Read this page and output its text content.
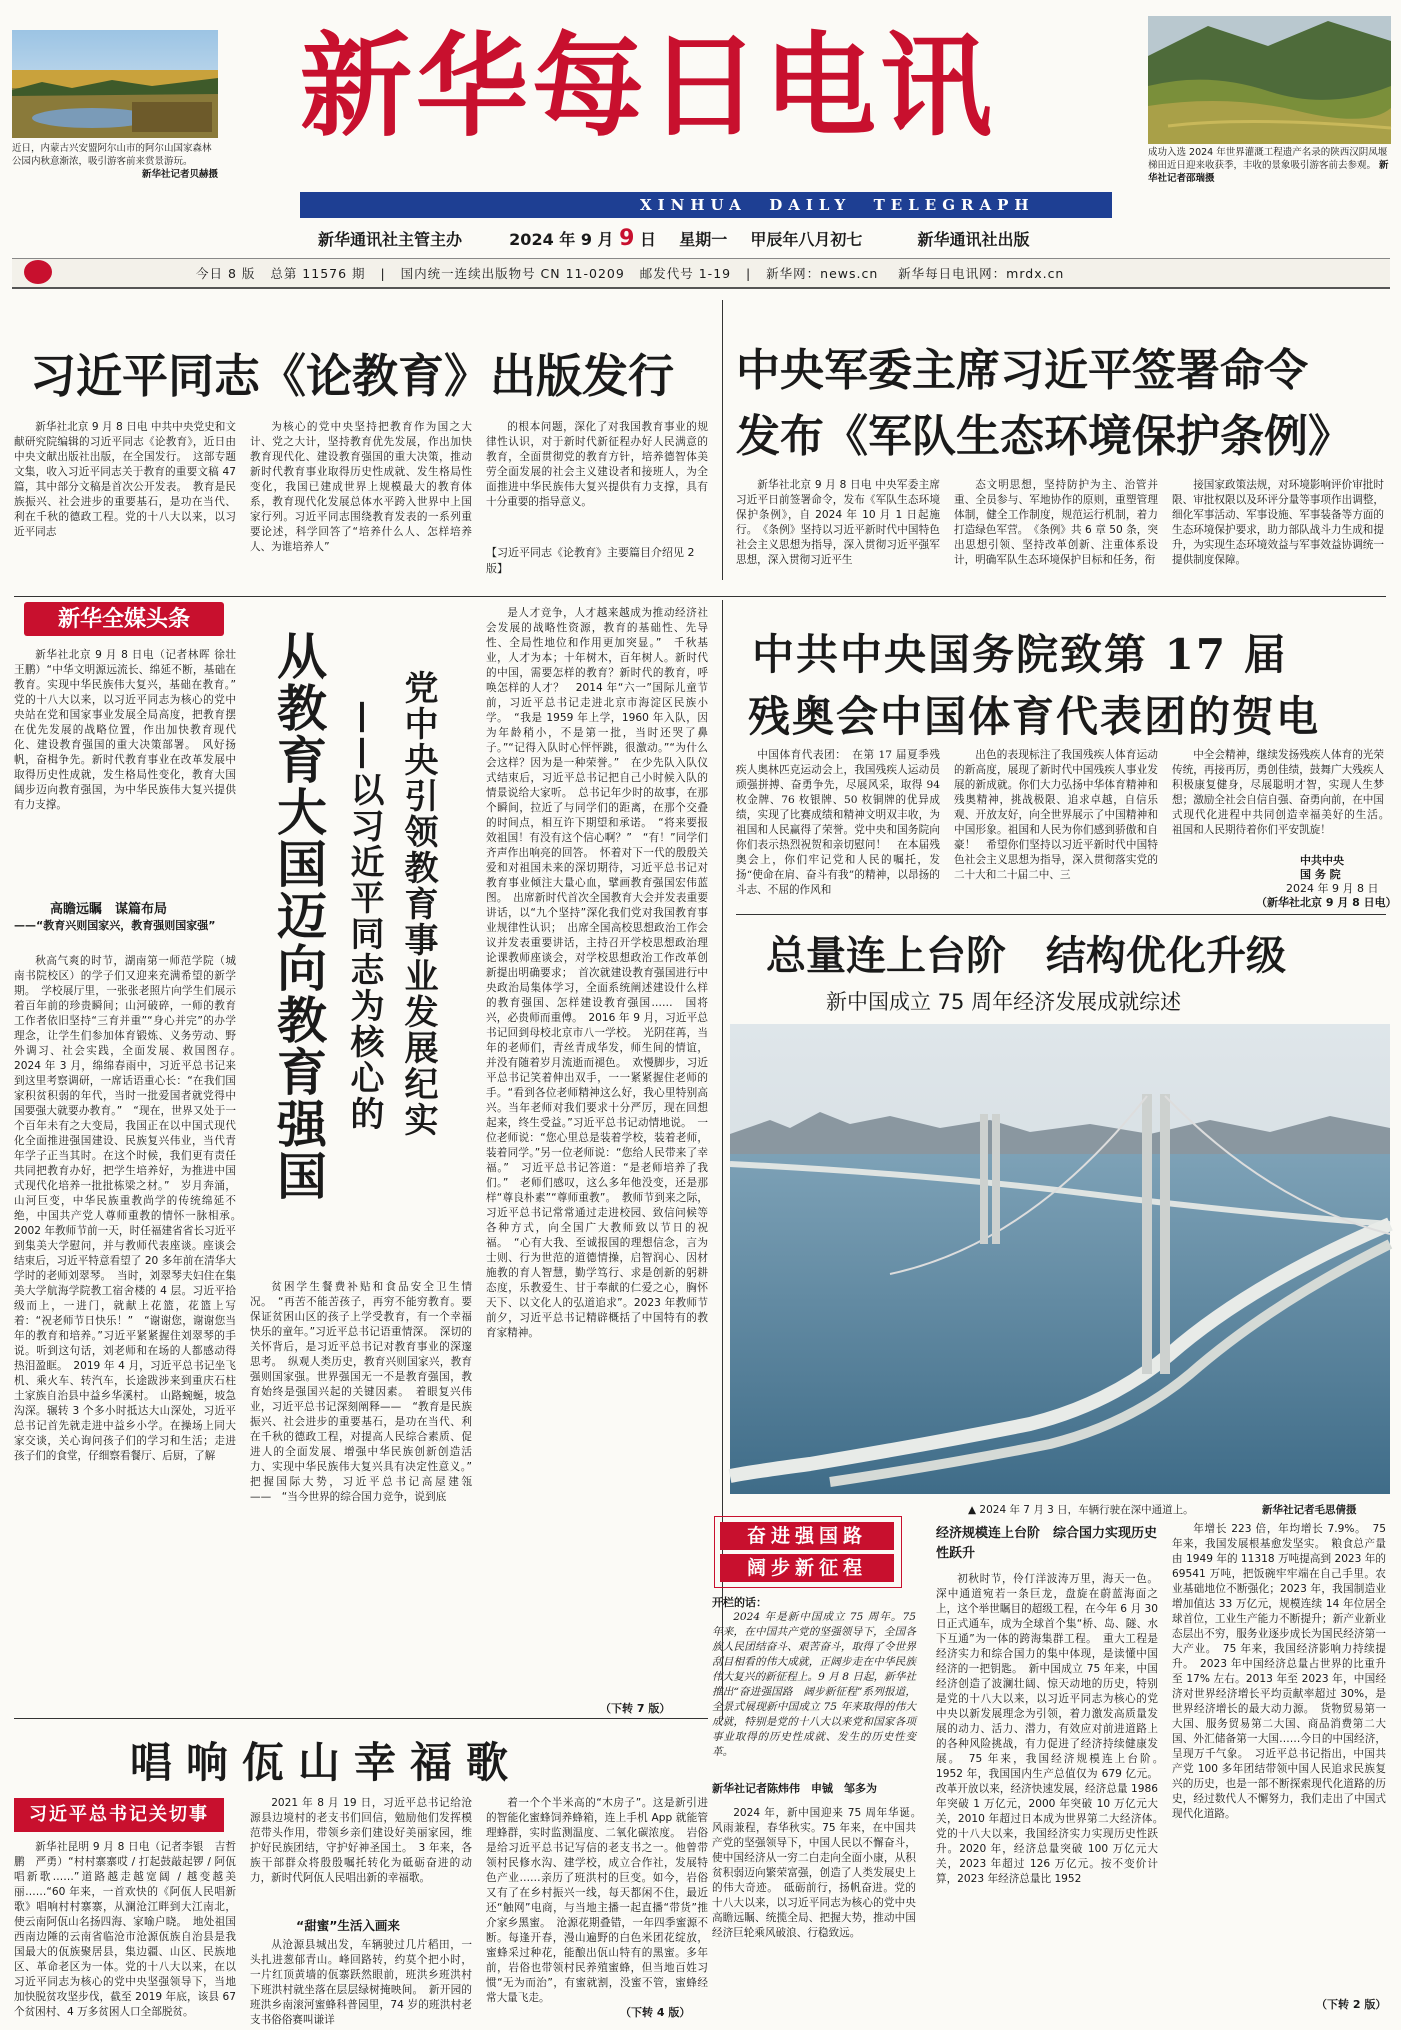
近日，内蒙古兴安盟阿尔山市的阿尔山国家森林公园内秋意渐浓，吸引游客前来赏景游玩。

新华社记者贝赫摄
成功入选 2024 年世界灌溉工程遗产名录的陕西汉阴凤堰梯田近日迎来收获季，丰收的景象吸引游客前去参观。 新华社记者邵瑞摄
新华每日电讯
XINHUA  DAILY  TELEGRAPH
新华通讯社主管主办	2024 年 9 月 9 日 星期一 甲辰年八月初七	新华通讯社出版
今日 8 版   总第 11576 期   |   国内统一连续出版物号 CN 11-0209   邮发代号 1-19   |   新华网：news.cn    新华每日电讯网：mrdx.cn
习近平同志《论教育》出版发行

新华社北京 9 月 8 日电 中共中央党史和文献研究院编辑的习近平同志《论教育》，近日由中央文献出版社出版，在全国发行。　这部专题文集，收入习近平同志关于教育的重要文稿 47 篇，其中部分文稿是首次公开发表。　教育是民族振兴、社会进步的重要基石，是功在当代、利在千秋的德政工程。党的十八大以来，以习近平同志

为核心的党中央坚持把教育作为国之大计、党之大计，坚持教育优先发展，作出加快教育现代化、建设教育强国的重大决策，推动新时代教育事业取得历史性成就、发生格局性变化，我国已建成世界上规模最大的教育体系，教育现代化发展总体水平跨入世界中上国家行列。习近平同志围绕教育发表的一系列重要论述，科学回答了“培养什么人、怎样培养人、为谁培养人”

的根本问题，深化了对我国教育事业的规律性认识，对于新时代新征程办好人民满意的教育，全面贯彻党的教育方针，培养德智体美劳全面发展的社会主义建设者和接班人，为全面推进中华民族伟大复兴提供有力支撑，具有十分重要的指导意义。

【习近平同志《论教育》主要篇目介绍见 2 版】
中央军委主席习近平签署命令
发布《军队生态环境保护条例》

新华社北京 9 月 8 日电 中央军委主席习近平日前签署命令，发布《军队生态环境保护条例》，自 2024 年 10 月 1 日起施行。　《条例》坚持以习近平新时代中国特色社会主义思想为指导，深入贯彻习近平强军思想，深入贯彻习近平生

态文明思想，坚持防护为主、治管并重、全员参与、军地协作的原则，重塑管理体制，健全工作制度，规范运行机制，着力打造绿色军营。　《条例》共 6 章 50 条，突出思想引领、坚持改革创新、注重体系设计，明确军队生态环境保护目标和任务，衔

接国家政策法规，对环境影响评价审批时限、审批权限以及环评分量等事项作出调整，细化军事活动、军事设施、军事装备等方面的生态环境保护要求，助力部队战斗力生成和提升，为实现生态环境效益与军事效益协调统一提供制度保障。

新华全媒头条

新华社北京 9 月 8 日电（记者林晖 徐壮 王鹏）“中华文明源远流长、绵延不断，基础在教育。实现中华民族伟大复兴，基础在教育。”　党的十八大以来，以习近平同志为核心的党中央站在党和国家事业发展全局高度，把教育摆在优先发展的战略位置，作出加快教育现代化、建设教育强国的重大决策部署。　风好扬帆，奋楫争先。新时代教育事业在改革发展中取得历史性成就，发生格局性变化，教育大国阔步迈向教育强国，为中华民族伟大复兴提供有力支撑。

高瞻远瞩　谋篇布局
——“教育兴则国家兴，教育强则国家强”

秋高气爽的时节，湖南第一师范学院（城南书院校区）的学子们又迎来充满希望的新学期。　学校展厅里，一张张老照片向学生们展示着百年前的珍贵瞬间；山河破碎，一师的教育工作者依旧坚持“三育并重”“身心并完”的办学理念，让学生们参加体育锻炼、义务劳动、野外调习、社会实践，全面发展、救国图存。　2024 年 3 月，绵绵春雨中，习近平总书记来到这里考察调研，一席话语重心长：“在我们国家积贫积弱的年代，当时一批爱国者就党得中国要强大就要办教育。”　“现在，世界又处于一个百年未有之大变局，我国正在以中国式现代化全面推进强国建设、民族复兴伟业，当代青年学子正当其时。在这个时候，我们更有责任共同把教育办好，把学生培养好，为推进中国式现代化培养一批批栋梁之材。”　岁月奔涌，山河巨变，中华民族重教尚学的传统绵延不绝，中国共产党人尊师重教的情怀一脉相承。　2002 年教师节前一天，时任福建省省长习近平到集美大学慰问，并与教师代表座谈。座谈会结束后，习近平特意看望了 20 多年前在清华大学时的老师刘翠琴。　当时，刘翠琴夫妇住在集美大学航海学院教工宿舍楼的 4 层。习近平拾级而上，一进门，就献上花篮，花篮上写着：“祝老师节日快乐！”　“谢谢您，谢谢您当年的教育和培养。”习近平紧紧握住刘翠琴的手说。听到这句话，刘老师和在场的人都感动得热泪盈眶。　2019 年 4 月，习近平总书记坐飞机、乘火车、转汽车，长途跋涉来到重庆石柱土家族自治县中益乡华溪村。　山路蜿蜒，坡急沟深。辗转 3 个多小时抵达大山深处，习近平总书记首先就走进中益乡小学。在操场上同大家交谈，关心询问孩子们的学习和生活；走进孩子们的食堂，仔细察看餐厅、后厨，了解

从教育大国迈向教育强国 党中央引领教育事业发展纪实
——以习近平同志为核心的

贫困学生餐费补贴和食品安全卫生情况。　“再苦不能苦孩子，再穷不能穷教育。要保证贫困山区的孩子上学受教育，有一个幸福快乐的童年。”习近平总书记语重情深。　深切的关怀背后，是习近平总书记对教育事业的深邃思考。　纵观人类历史，教育兴则国家兴，教育强则国家强。世界强国无一不是教育强国，教育始终是强国兴起的关键因素。　着眼复兴伟业，习近平总书记深刻阐释——　“教育是民族振兴、社会进步的重要基石，是功在当代、利在千秋的德政工程，对提高人民综合素质、促进人的全面发展、增强中华民族创新创造活力、实现中华民族伟大复兴具有决定性意义。”　把握国际大势，习近平总书记高屋建瓴——　“当今世界的综合国力竞争，说到底

是人才竞争，人才越来越成为推动经济社会发展的战略性资源，教育的基础性、先导性、全局性地位和作用更加突显。”　千秋基业，人才为本；十年树木，百年树人。新时代的中国，需要怎样的教育？新时代的教育，呼唤怎样的人才？　2014 年“六一”国际儿童节前，习近平总书记走进北京市海淀区民族小学。　“我是 1959 年上学，1960 年入队，因为年龄稍小，不是第一批，当时还哭了鼻子。”“记得入队时心怦怦跳，很激动。”“为什么会这样？因为是一种荣誉。”　在少先队入队仪式结束后，习近平总书记把自己小时候入队的情景说给大家听。　总书记年少时的故事，在那个瞬间，拉近了与同学们的距离，在那个交叠的时间点，相互许下期望和承诺。　“将来要报效祖国！有没有这个信心啊？”　“有！”同学们齐声作出响亮的回答。　怀着对下一代的殷殷关爱和对祖国未来的深切期待，习近平总书记对教育事业倾注大量心血，擘画教育强国宏伟蓝图。　出席新时代首次全国教育大会并发表重要讲话，以“九个坚持”深化我们党对我国教育事业规律性认识；　出席全国高校思想政治工作会议并发表重要讲话，主持召开学校思想政治理论课教师座谈会，对学校思想政治工作改革创新提出明确要求；　首次就建设教育强国进行中央政治局集体学习，全面系统阐述建设什么样的教育强国、怎样建设教育强国……　国将兴，必贵师而重傅。　2016 年 9 月，习近平总书记回到母校北京市八一学校。　光阴荏苒，当年的老师们，青丝青成华发，师生间的情谊，并没有随着岁月流逝而褪色。　欢慢脚步，习近平总书记笑着伸出双手，一一紧紧握住老师的手。“看到各位老师精神这么好，我心里特别高兴。当年老师对我们要求十分严厉，现在回想起来，终生受益。”习近平总书记动情地说。　一位老师说：“您心里总是装着学校，装着老师，装着同学。”另一位老师说：“您给人民带来了幸福。”　习近平总书记答道：“是老师培养了我们。”　老师们感叹，这么多年他没变，还是那样“尊良朴素”“尊师重教”。　教师节到来之际，习近平总书记常常通过走进校园、致信问候等各种方式，向全国广大教师致以节日的祝福。　“心有大我、至诚报国的理想信念，言为士则、行为世范的道德情操，启智润心、因材施教的育人智慧，勤学笃行、求是创新的躬耕态度，乐教爱生、甘于奉献的仁爱之心，胸怀天下、以文化人的弘道追求”。2023 年教师节前夕，习近平总书记精辟概括了中国特有的教育家精神。

（下转 7 版）
中共中央国务院致第 17 届
残奥会中国体育代表团的贺电

中国体育代表团：　在第 17 届夏季残疾人奥林匹克运动会上，我国残疾人运动员顽强拼搏、奋勇争先，尽展风采，取得 94 枚金牌、76 枚银牌、50 枚铜牌的优异成绩，实现了比赛成绩和精神文明双丰收，为祖国和人民赢得了荣誉。党中央和国务院向你们表示热烈祝贺和亲切慰问！　在本届残奥会上，你们牢记党和人民的嘱托，发扬“使命在肩、奋斗有我”的精神，以昂扬的斗志、不屈的作风和

出色的表现标注了我国残疾人体育运动的新高度，展现了新时代中国残疾人事业发展的新成就。你们大力弘扬中华体育精神和残奥精神，挑战极限、追求卓越，自信乐观、开放友好，向全世界展示了中国精神和中国形象。祖国和人民为你们感到骄傲和自豪！　希望你们坚持以习近平新时代中国特色社会主义思想为指导，深入贯彻落实党的二十大和二十届二中、三

中全会精神，继续发扬残疾人体育的光荣传统，再接再厉，勇创佳绩，鼓舞广大残疾人积极康复健身，尽展聪明才智，实现人生梦想；激励全社会自信自强、奋勇向前，在中国式现代化进程中共同创造幸福美好的生活。　祖国和人民期待着你们平安凯旋！

中共中央
国 务 院
2024 年 9 月 8 日
（新华社北京 9 月 8 日电）
总量连上台阶　结构优化升级
新中国成立 75 周年经济发展成就综述
▲ 2024 年 7 月 3 日，车辆行驶在深中通道上。	新华社记者毛思倩摄
奋进强国路
阔步新征程
开栏的话：

2024 年是新中国成立 75 周年。75 年来，在中国共产党的坚强领导下，全国各族人民团结奋斗、艰苦奋斗，取得了令世界刮目相看的伟大成就，正阔步走在中华民族伟大复兴的新征程上。9 月 8 日起，新华社推出“奋进强国路　阔步新征程”系列报道，全景式展现新中国成立 75 年来取得的伟大成就，特别是党的十八大以来党和国家各项事业取得的历史性成就、发生的历史性变革。

新华社记者陈炜伟　申铖　邹多为

2024 年，新中国迎来 75 周年华诞。　风雨兼程，春华秋实。75 年来，在中国共产党的坚强领导下，中国人民以不懈奋斗，使中国经济从一穷二白走向全面小康，从积贫积弱迈向繁荣富强，创造了人类发展史上的伟大奇迹。　砥砺前行，扬帆奋进。党的十八大以来，以习近平同志为核心的党中央高瞻远瞩、统揽全局、把握大势，推动中国经济巨轮乘风破浪、行稳致远。

经济规模连上台阶　综合国力实现历史性跃升

初秋时节，伶仃洋波涛万里，海天一色。深中通道宛若一条巨龙，盘旋在蔚蓝海面之上，这个举世瞩目的超级工程，在今年 6 月 30 日正式通车，成为全球首个集“桥、岛、隧、水下互通”为一体的跨海集群工程。　重大工程是经济实力和综合国力的集中体现，是读懂中国经济的一把钥匙。　新中国成立 75 年来，中国经济创造了波澜壮阔、惊天动地的历史，特别是党的十八大以来，以习近平同志为核心的党中央以新发展理念为引领，着力激发高质量发展的动力、活力、潜力，有效应对前进道路上的各种风险挑战，有力促进了经济持续健康发展。　75 年来，我国经济规模连上台阶。　1952 年，我国国内生产总值仅为 679 亿元。改革开放以来，经济快速发展，经济总量 1986 年突破 1 万亿元，2000 年突破 10 万亿元大关，2010 年超过日本成为世界第二大经济体。　党的十八大以来，我国经济实力实现历史性跃升。2020 年，经济总量突破 100 万亿元大关，2023 年超过 126 万亿元。按不变价计算，2023 年经济总量比 1952

年增长 223 倍，年均增长 7.9%。　75 年来，我国发展根基愈发坚实。　粮食总产量由 1949 年的 11318 万吨提高到 2023 年的 69541 万吨，把饭碗牢牢端在自己手里。农业基础地位不断强化；2023 年，我国制造业增加值达 33 万亿元，规模连续 14 年位居全球首位，工业生产能力不断提升；新产业新业态层出不穷，服务业逐步成长为国民经济第一大产业。　75 年来，我国经济影响力持续提升。　2023 年中国经济总量占世界的比重升至 17% 左右。2013 年至 2023 年，中国经济对世界经济增长平均贡献率超过 30%，是世界经济增长的最大动力源。　货物贸易第一大国、服务贸易第二大国、商品消费第二大国、外汇储备第一大国……今日的中国经济，呈现万千气象。　习近平总书记指出，中国共产党 100 多年团结带领中国人民追求民族复兴的历史，也是一部不断探索现代化道路的历史，经过数代人不懈努力，我们走出了中国式现代化道路。

（下转 2 版）
唱响佤山幸福歌
习近平总书记关切事

新华社昆明 9 月 8 日电（记者李银　吉哲鹏　严勇）“村村寨寨哎 / 打起鼓敲起锣 / 阿佤唱新歌……”道路越走越宽阔 / 越变越美丽……“60 年来，一首欢快的《阿佤人民唱新歌》唱响村村寨寨，从澜沧江畔到大江南北，使云南阿佤山名扬四海、家喻户晓。　地处祖国西南边陲的云南省临沧市沧源佤族自治县是我国最大的佤族聚居县，集边疆、山区、民族地区、革命老区为一体。党的十八大以来，在以习近平同志为核心的党中央坚强领导下，当地加快脱贫攻坚步伐，截至 2019 年底，该县 67 个贫困村、4 万多贫困人口全部脱贫。

2021 年 8 月 19 日，习近平总书记给沧源县边境村的老支书们回信，勉励他们发挥模范带头作用，带领乡亲们建设好美丽家园，维护好民族团结，守护好神圣国土。　3 年来，各族干部群众将殷殷嘱托转化为砥砺奋进的动力，新时代阿佤人民唱出新的幸福歌。

“甜蜜”生活入画来

从沧源县城出发，车辆驶过几片稻田，一头扎进葱郁青山。峰回路转，约莫个把小时，一片红顶黄墙的佤寨跃然眼前，班洪乡班洪村下班洪村就坐落在层层绿树掩映间。　新开园的班洪乡南滚河蜜蜂科普园里，74 岁的班洪村老支书俗俗赛叫谦详

着一个个半米高的“木房子”。这是新引进的智能化蜜蜂饲养蜂箱，连上手机 App 就能管理蜂群，实时监测温度、二氧化碳浓度。　岩俗是给习近平总书记写信的老支书之一。他曾带领村民修水沟、建学校，成立合作社，发展特色产业……亲历了班洪村的巨变。如今，岩俗又有了在乡村振兴一线，每天都闲不住，最近还“触网”电商，与当地主播一起直播“带货”推介家乡黑蜜。　沧源花期叠错，一年四季蜜源不断。每逢开春，漫山遍野的白色米团花绽放，蜜蜂采过种花，能酿出佤山特有的黑蜜。多年前，岩俗也带领村民养殖蜜蜂，但当地百姓习惯“无为而治”，有蜜就割，没蜜不管，蜜蜂经常大量飞走。

（下转 4 版）
